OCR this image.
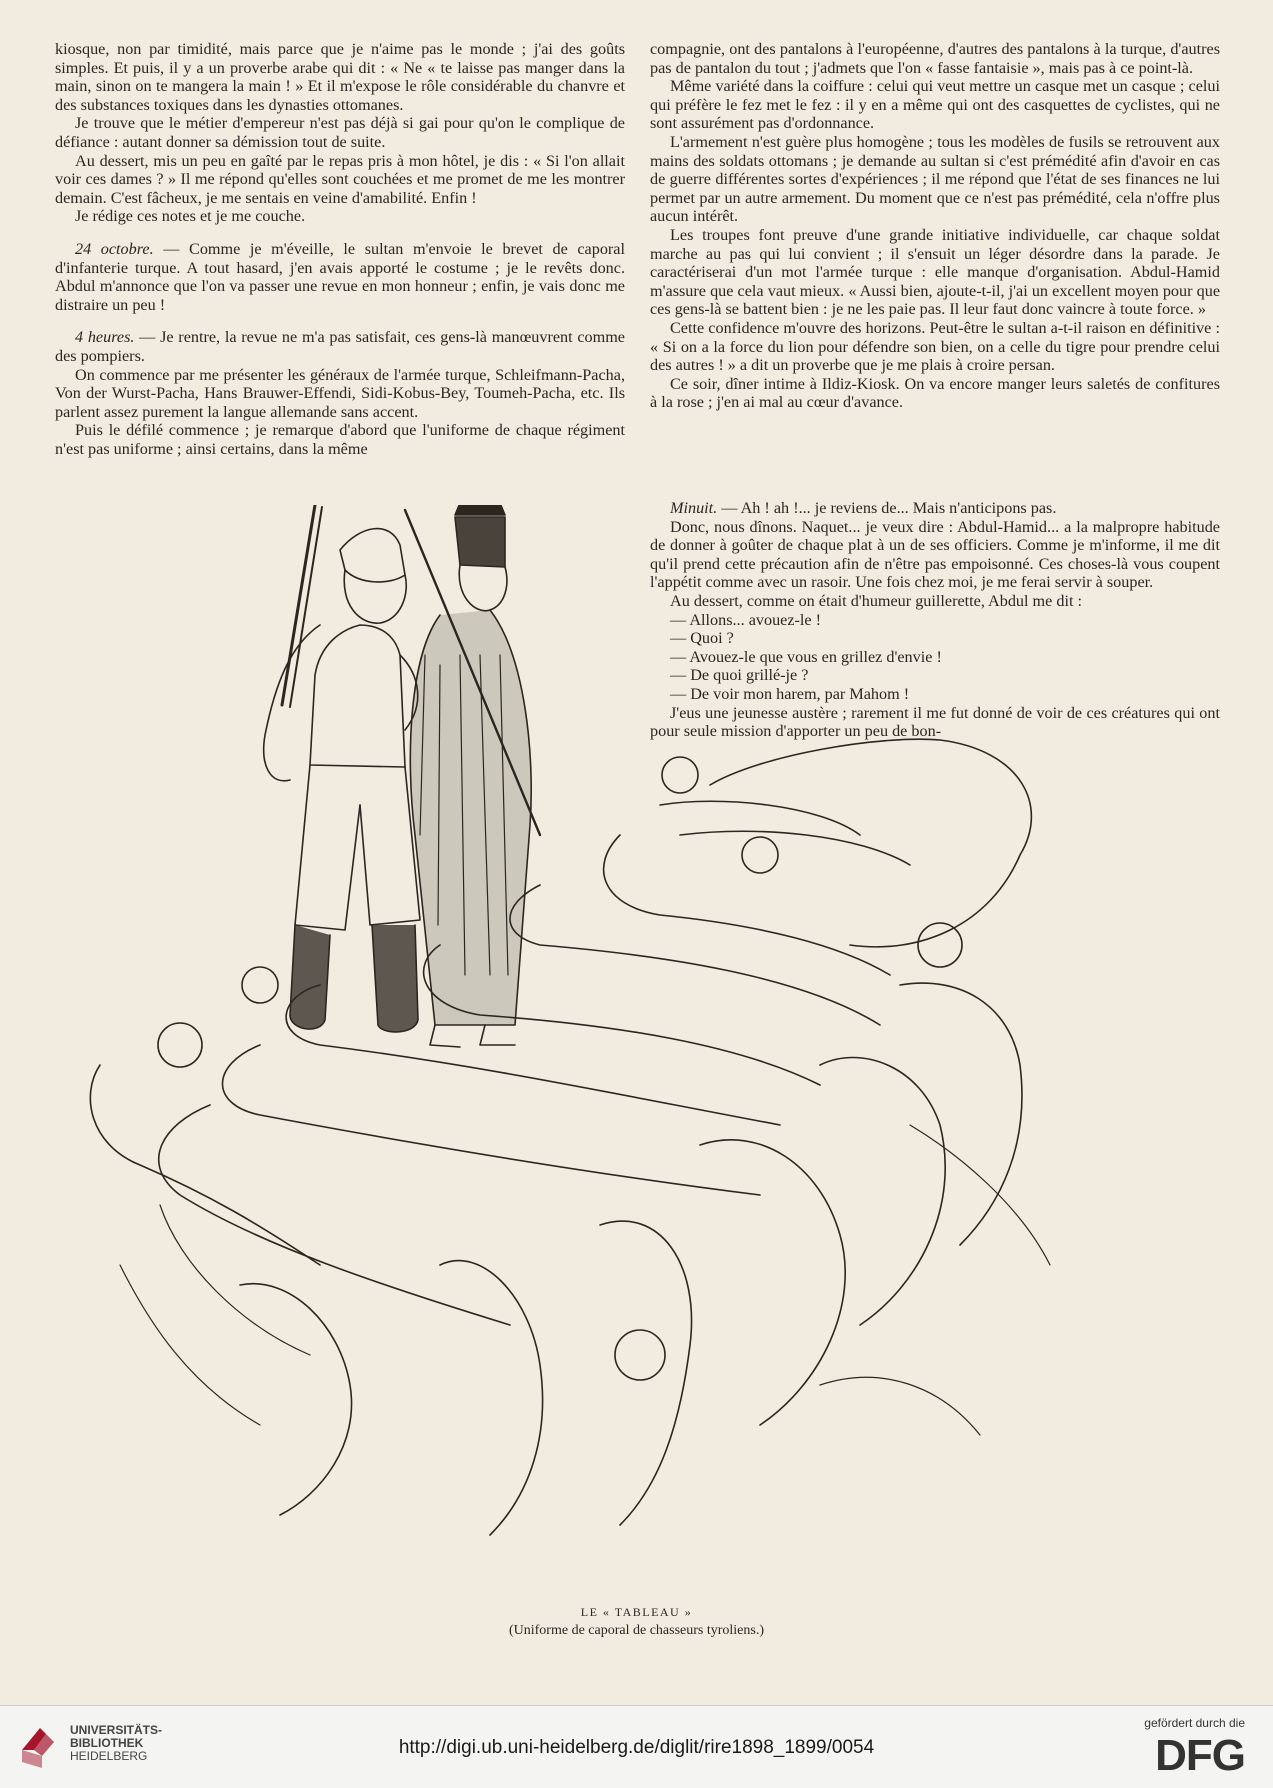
kiosque, non par timidité, mais parce que je n'aime pas le monde ; j'ai des goûts simples. Et puis, il y a un proverbe arabe qui dit : « Ne « te laisse pas manger dans la main, sinon on te mangera la main ! » Et il m'expose le rôle considérable du chanvre et des substances toxiques dans les dynasties ottomanes.

Je trouve que le métier d'empereur n'est pas déjà si gai pour qu'on le complique de défiance : autant donner sa démission tout de suite.

Au dessert, mis un peu en gaîté par le repas pris à mon hôtel, je dis : « Si l'on allait voir ces dames ? » Il me répond qu'elles sont couchées et me promet de me les montrer demain. C'est fâcheux, je me sentais en veine d'amabilité. Enfin !

Je rédige ces notes et je me couche.

24 octobre. — Comme je m'éveille, le sultan m'envoie le brevet de caporal d'infanterie turque. A tout hasard, j'en avais apporté le costume ; je le revêts donc. Abdul m'annonce que l'on va passer une revue en mon honneur ; enfin, je vais donc me distraire un peu !

4 heures. — Je rentre, la revue ne m'a pas satisfait, ces gens-là manœuvrent comme des pompiers.

On commence par me présenter les généraux de l'armée turque, Schleifmann-Pacha, Von der Wurst-Pacha, Hans Brauwer-Effendi, Sidi-Kobus-Bey, Toumeh-Pacha, etc. Ils parlent assez purement la langue allemande sans accent.

Puis le défilé commence ; je remarque d'abord que l'uniforme de chaque régiment n'est pas uniforme ; ainsi certains, dans la même

compagnie, ont des pantalons à l'européenne, d'autres des pantalons à la turque, d'autres pas de pantalon du tout ; j'admets que l'on « fasse fantaisie », mais pas à ce point-là.

Même variété dans la coiffure : celui qui veut mettre un casque met un casque ; celui qui préfère le fez met le fez : il y en a même qui ont des casquettes de cyclistes, qui ne sont assurément pas d'ordonnance.

L'armement n'est guère plus homogène ; tous les modèles de fusils se retrouvent aux mains des soldats ottomans ; je demande au sultan si c'est prémédité afin d'avoir en cas de guerre différentes sortes d'expériences ; il me répond que l'état de ses finances ne lui permet par un autre armement. Du moment que ce n'est pas prémédité, cela n'offre plus aucun intérêt.

Les troupes font preuve d'une grande initiative individuelle, car chaque soldat marche au pas qui lui convient ; il s'ensuit un léger désordre dans la parade. Je caractériserai d'un mot l'armée turque : elle manque d'organisation. Abdul-Hamid m'assure que cela vaut mieux. « Aussi bien, ajoute-t-il, j'ai un excellent moyen pour que ces gens-là se battent bien : je ne les paie pas. Il leur faut donc vaincre à toute force. »

Cette confidence m'ouvre des horizons. Peut-être le sultan a-t-il raison en définitive : « Si on a la force du lion pour défendre son bien, on a celle du tigre pour prendre celui des autres ! » a dit un proverbe que je me plais à croire persan.

Ce soir, dîner intime à Ildiz-Kiosk. On va encore manger leurs saletés de confitures à la rose ; j'en ai mal au cœur d'avance.

Minuit. — Ah ! ah !... je reviens de... Mais n'anticipons pas.

Donc, nous dînons. Naquet... je veux dire : Abdul-Hamid... a la malpropre habitude de donner à goûter de chaque plat à un de ses officiers. Comme je m'informe, il me dit qu'il prend cette précaution afin de n'être pas empoisonné. Ces choses-là vous coupent l'appétit comme avec un rasoir. Une fois chez moi, je me ferai servir à souper.

Au dessert, comme on était d'humeur guillerette, Abdul me dit :

— Allons... avouez-le !

— Quoi ?

— Avouez-le que vous en grillez d'envie !

— De quoi grillé-je ?

— De voir mon harem, par Mahom !

J'eus une jeunesse austère ; rarement il me fut donné de voir de ces créatures qui ont pour seule mission d'apporter un peu de bon-

LE « TABLEAU »
(Uniforme de caporal de chasseurs tyroliens.)
UNIVERSITÄTS-
BIBLIOTHEK
HEIDELBERG	http://digi.ub.uni-heidelberg.de/diglit/rire1898_1899/0054
gefördert durch die
DFG
